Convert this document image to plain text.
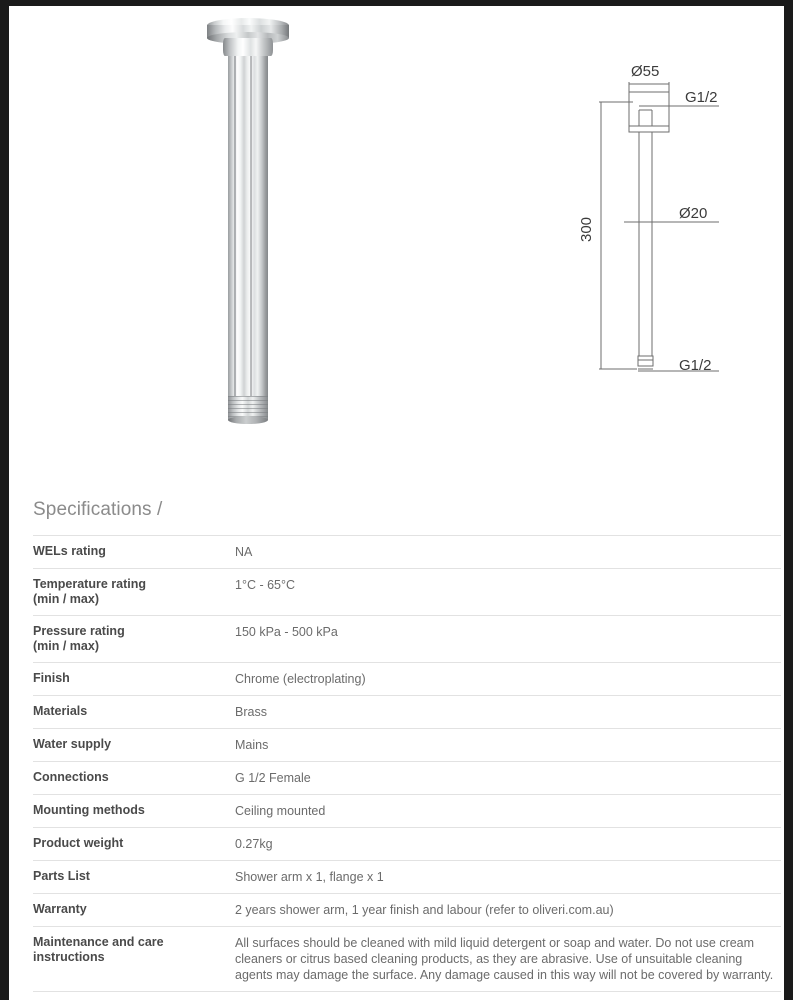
Ø55
G1/2
Ø20
300
G1/2
Specifications /
WELs rating	NA
Temperature rating
(min / max)	1°C - 65°C
Pressure rating
(min / max)	150 kPa - 500 kPa
Finish	Chrome (electroplating)
Materials	Brass
Water supply	Mains
Connections	G 1/2 Female
Mounting methods	Ceiling mounted
Product weight	0.27kg
Parts List	Shower arm x 1, flange x 1
Warranty	2 years shower arm, 1 year finish and labour (refer to oliveri.com.au)
Maintenance and care
instructions	All surfaces should be cleaned with mild liquid detergent or soap and water. Do not use cream cleaners or citrus based cleaning products, as they are abrasive. Use of unsuitable cleaning agents may damage the surface. Any damage caused in this way will not be covered by warranty.
